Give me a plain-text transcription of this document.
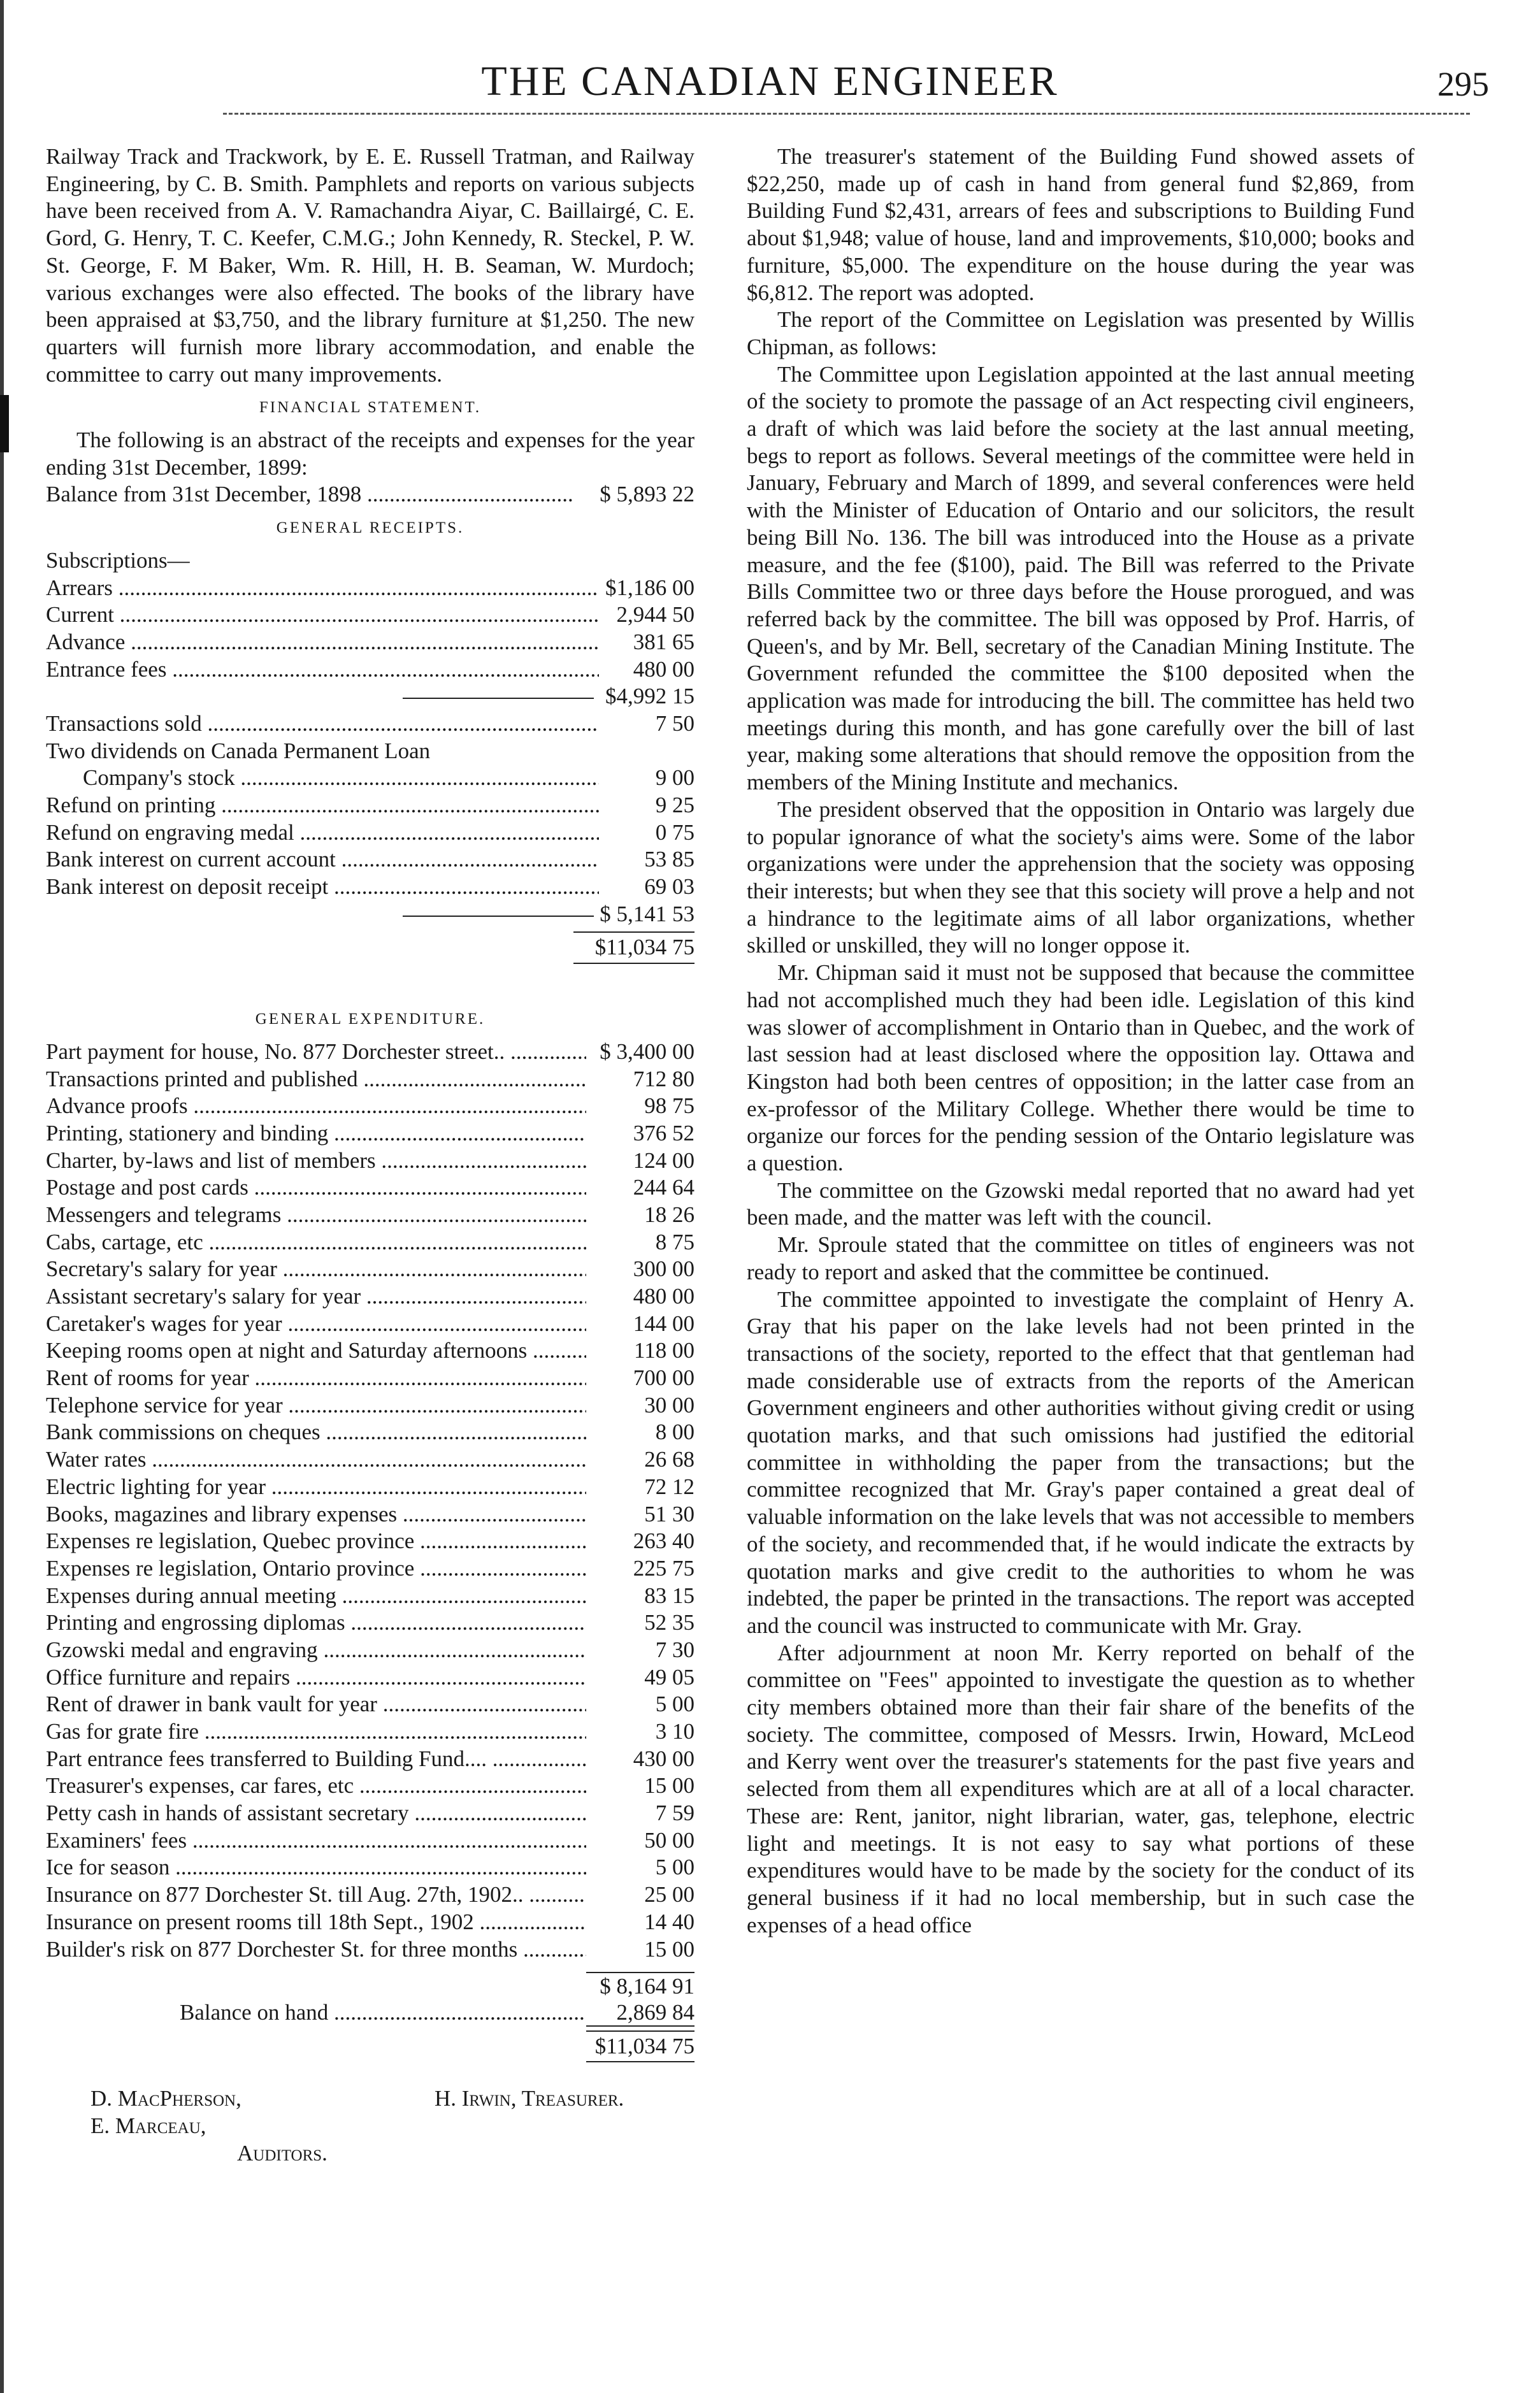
THE CANADIAN ENGINEER	295

Railway Track and Trackwork, by E. E. Russell Tratman, and Railway Engineering, by C. B. Smith. Pamphlets and reports on various subjects have been received from A. V. Ramachandra Aiyar, C. Baillairgé, C. E. Gord, G. Henry, T. C. Keefer, C.M.G.; John Kennedy, R. Steckel, P. W. St. George, F. M Baker, Wm. R. Hill, H. B. Seaman, W. Murdoch; various exchanges were also effected. The books of the library have been appraised at $3,750, and the library furniture at $1,250. The new quarters will furnish more library accommodation, and enable the committee to carry out many improvements.

FINANCIAL STATEMENT.

The following is an abstract of the receipts and expenses for the year ending 31st December, 1899:

Balance from 31st December, 1898 .....	$ 5,893 22
GENERAL RECEIPTS.
Subscriptions—
Arrears .....	$1,186 00
Current .....	2,944 50
Advance .....	381 65
Entrance fees .....	480 00
$4,992 15
Transactions sold .....	7 50
Two dividends on Canada Permanent Loan
Company's stock .....	9 00
Refund on printing .....	9 25
Refund on engraving medal .....	0 75
Bank interest on current account .....	53 85
Bank interest on deposit receipt .....	69 03
$ 5,141 53
$11,034 75
GENERAL EXPENDITURE.
Part payment for house, No. 877 Dorchester street.. .....	$ 3,400 00
Transactions printed and published .....	712 80
Advance proofs .....	98 75
Printing, stationery and binding .....	376 52
Charter, by-laws and list of members .....	124 00
Postage and post cards .....	244 64
Messengers and telegrams .....	18 26
Cabs, cartage, etc .....	8 75
Secretary's salary for year .....	300 00
Assistant secretary's salary for year .....	480 00
Caretaker's wages for year .....	144 00
Keeping rooms open at night and Saturday afternoons .....	118 00
Rent of rooms for year .....	700 00
Telephone service for year .....	30 00
Bank commissions on cheques .....	8 00
Water rates .....	26 68
Electric lighting for year .....	72 12
Books, magazines and library expenses .....	51 30
Expenses re legislation, Quebec province .....	263 40
Expenses re legislation, Ontario province .....	225 75
Expenses during annual meeting .....	83 15
Printing and engrossing diplomas .....	52 35
Gzowski medal and engraving .....	7 30
Office furniture and repairs .....	49 05
Rent of drawer in bank vault for year .....	5 00
Gas for grate fire .....	3 10
Part entrance fees transferred to Building Fund.... .....	430 00
Treasurer's expenses, car fares, etc .....	15 00
Petty cash in hands of assistant secretary .....	7 59
Examiners' fees .....	50 00
Ice for season .....	5 00
Insurance on 877 Dorchester St. till Aug. 27th, 1902.. .....	25 00
Insurance on present rooms till 18th Sept., 1902 .....	14 40
Builder's risk on 877 Dorchester St. for three months .....	15 00
$ 8,164 91
Balance on hand .....	2,869 84
$11,034 75
D. MacPherson,
E. Marceau,
Auditors.
H. Irwin, Treasurer.

The treasurer's statement of the Building Fund showed assets of $22,250, made up of cash in hand from general fund $2,869, from Building Fund $2,431, arrears of fees and subscriptions to Building Fund about $1,948; value of house, land and improvements, $10,000; books and furniture, $5,000. The expenditure on the house during the year was $6,812. The report was adopted.

The report of the Committee on Legislation was presented by Willis Chipman, as follows:

The Committee upon Legislation appointed at the last annual meeting of the society to promote the passage of an Act respecting civil engineers, a draft of which was laid before the society at the last annual meeting, begs to report as follows. Several meetings of the committee were held in January, February and March of 1899, and several conferences were held with the Minister of Education of Ontario and our solicitors, the result being Bill No. 136. The bill was introduced into the House as a private measure, and the fee ($100), paid. The Bill was referred to the Private Bills Committee two or three days before the House prorogued, and was referred back by the committee. The bill was opposed by Prof. Harris, of Queen's, and by Mr. Bell, secretary of the Canadian Mining Institute. The Government refunded the committee the $100 deposited when the application was made for introducing the bill. The committee has held two meetings during this month, and has gone carefully over the bill of last year, making some alterations that should remove the opposition from the members of the Mining Institute and mechanics.

The president observed that the opposition in Ontario was largely due to popular ignorance of what the society's aims were. Some of the labor organizations were under the apprehension that the society was opposing their interests; but when they see that this society will prove a help and not a hindrance to the legitimate aims of all labor organizations, whether skilled or unskilled, they will no longer oppose it.

Mr. Chipman said it must not be supposed that because the committee had not accomplished much they had been idle. Legislation of this kind was slower of accomplishment in Ontario than in Quebec, and the work of last session had at least disclosed where the opposition lay. Ottawa and Kingston had both been centres of opposition; in the latter case from an ex-professor of the Military College. Whether there would be time to organize our forces for the pending session of the Ontario legislature was a question.

The committee on the Gzowski medal reported that no award had yet been made, and the matter was left with the council.

Mr. Sproule stated that the committee on titles of engineers was not ready to report and asked that the committee be continued.

The committee appointed to investigate the complaint of Henry A. Gray that his paper on the lake levels had not been printed in the transactions of the society, reported to the effect that that gentleman had made considerable use of extracts from the reports of the American Government engineers and other authorities without giving credit or using quotation marks, and that such omissions had justified the editorial committee in withholding the paper from the transactions; but the committee recognized that Mr. Gray's paper contained a great deal of valuable information on the lake levels that was not accessible to members of the society, and recommended that, if he would indicate the extracts by quotation marks and give credit to the authorities to whom he was indebted, the paper be printed in the transactions. The report was accepted and the council was instructed to communicate with Mr. Gray.

After adjournment at noon Mr. Kerry reported on behalf of the committee on "Fees" appointed to investigate the question as to whether city members obtained more than their fair share of the benefits of the society. The committee, composed of Messrs. Irwin, Howard, McLeod and Kerry went over the treasurer's statements for the past five years and selected from them all expenditures which are at all of a local character. These are: Rent, janitor, night librarian, water, gas, telephone, electric light and meetings. It is not easy to say what portions of these expenditures would have to be made by the society for the conduct of its general business if it had no local membership, but in such case the expenses of a head office
